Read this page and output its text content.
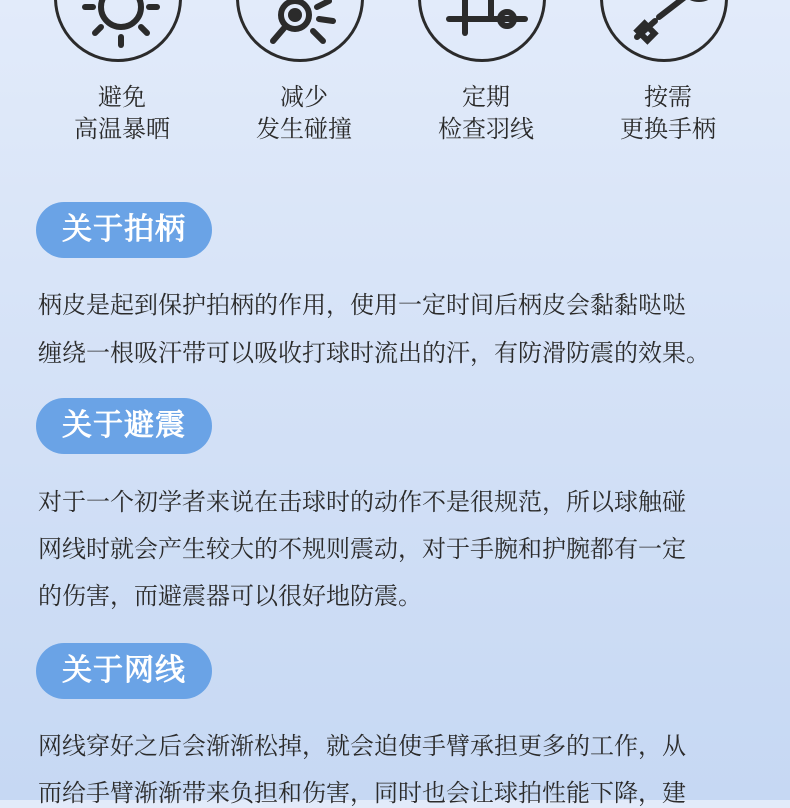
避免
高温暴晒
减少
发生碰撞
定期
检查羽线
按需
更换手柄
关于拍柄
柄皮是起到保护拍柄的作用，使用一定时间后柄皮会黏黏哒哒
缠绕一根吸汗带可以吸收打球时流出的汗，有防滑防震的效果。
关于避震
对于一个初学者来说在击球时的动作不是很规范，所以球触碰
网线时就会产生较大的不规则震动，对于手腕和护腕都有一定
的伤害，而避震器可以很好地防震。
关于网线
网线穿好之后会渐渐松掉，就会迫使手臂承担更多的工作，从
而给手臂渐渐带来负担和伤害，同时也会让球拍性能下降，建
